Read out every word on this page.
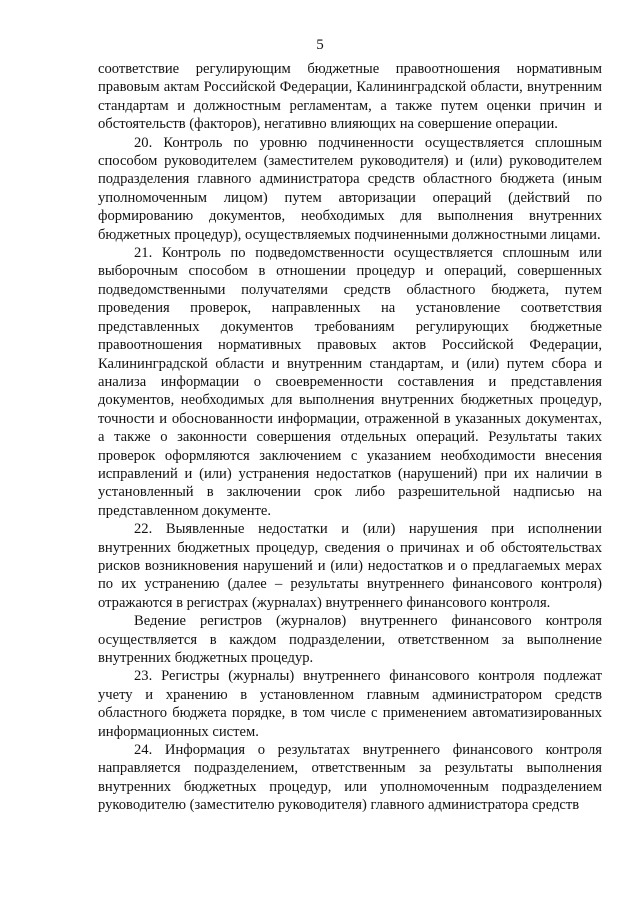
5

соответствие регулирующим бюджетные правоотношения нормативным правовым актам Российской Федерации, Калининградской области, внутренним стандартам и должностным регламентам, а также путем оценки причин и обстоятельств (факторов), негативно влияющих на совершение операции.

20. Контроль по уровню подчиненности осуществляется сплошным способом руководителем (заместителем руководителя) и (или) руководителем подразделения главного администратора средств областного бюджета (иным уполномоченным лицом) путем авторизации операций (действий по формированию документов, необходимых для выполнения внутренних бюджетных процедур), осуществляемых подчиненными должностными лицами.

21. Контроль по подведомственности осуществляется сплошным или выборочным способом в отношении процедур и операций, совершенных подведомственными получателями средств областного бюджета, путем проведения проверок, направленных на установление соответствия представленных документов требованиям регулирующих бюджетные правоотношения нормативных правовых актов Российской Федерации, Калининградской области и внутренним стандартам, и (или) путем сбора и анализа информации о своевременности составления и представления документов, необходимых для выполнения внутренних бюджетных процедур, точности и обоснованности информации, отраженной в указанных документах, а также о законности совершения отдельных операций. Результаты таких проверок оформляются заключением с указанием необходимости внесения исправлений и (или) устранения недостатков (нарушений) при их наличии в установленный в заключении срок либо разрешительной надписью на представленном документе.

22. Выявленные недостатки и (или) нарушения при исполнении внутренних бюджетных процедур, сведения о причинах и об обстоятельствах рисков возникновения нарушений и (или) недостатков и о предлагаемых мерах по их устранению (далее – результаты внутреннего финансового контроля) отражаются в регистрах (журналах) внутреннего финансового контроля.

Ведение регистров (журналов) внутреннего финансового контроля осуществляется в каждом подразделении, ответственном за выполнение внутренних бюджетных процедур.

23. Регистры (журналы) внутреннего финансового контроля подлежат учету и хранению в установленном главным администратором средств областного бюджета порядке, в том числе с применением автоматизированных информационных систем.

24. Информация о результатах внутреннего финансового контроля направляется подразделением, ответственным за результаты выполнения внутренних бюджетных процедур, или уполномоченным подразделением руководителю (заместителю руководителя) главного администратора средств
